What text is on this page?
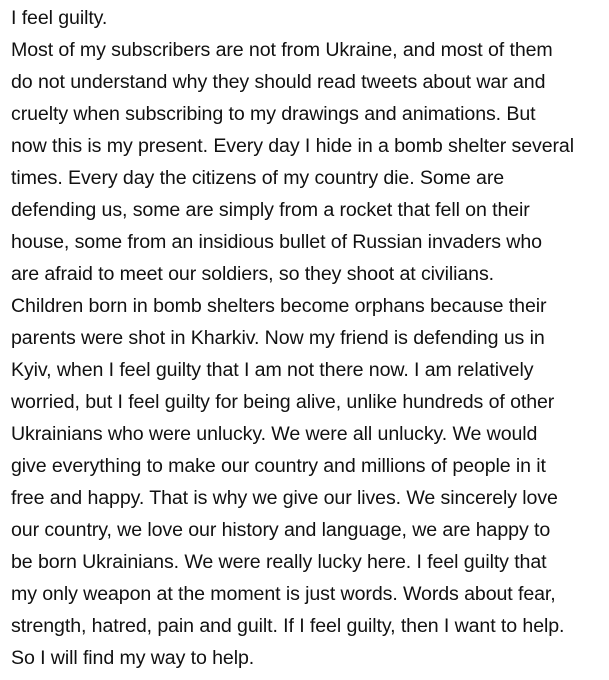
I feel guilty.
Most of my subscribers are not from Ukraine, and most of them
do not understand why they should read tweets about war and
cruelty when subscribing to my drawings and animations. But
now this is my present. Every day I hide in a bomb shelter several
times. Every day the citizens of my country die. Some are
defending us, some are simply from a rocket that fell on their
house, some from an insidious bullet of Russian invaders who
are afraid to meet our soldiers, so they shoot at civilians.
Children born in bomb shelters become orphans because their
parents were shot in Kharkiv. Now my friend is defending us in
Kyiv, when I feel guilty that I am not there now. I am relatively
worried, but I feel guilty for being alive, unlike hundreds of other
Ukrainians who were unlucky. We were all unlucky. We would
give everything to make our country and millions of people in it
free and happy. That is why we give our lives. We sincerely love
our country, we love our history and language, we are happy to
be born Ukrainians. We were really lucky here. I feel guilty that
my only weapon at the moment is just words. Words about fear,
strength, hatred, pain and guilt. If I feel guilty, then I want to help.
So I will find my way to help.
